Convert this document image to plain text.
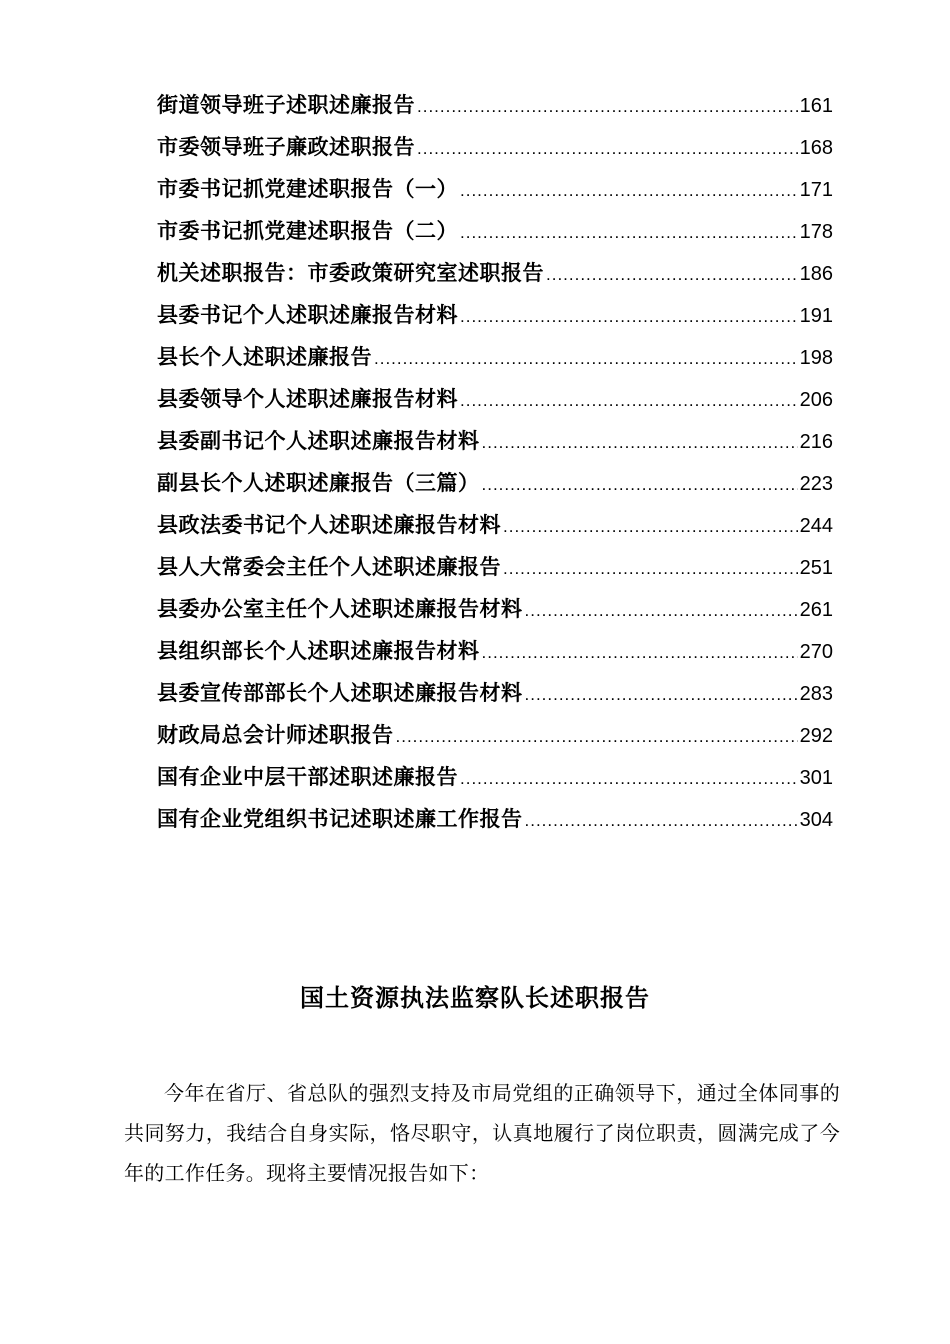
街道领导班子述职述廉报告 .....	161
市委领导班子廉政述职报告 .....	168
市委书记抓党建述职报告（一） .....	171
市委书记抓党建述职报告（二） .....	178
机关述职报告：市委政策研究室述职报告 .....	186
县委书记个人述职述廉报告材料 .....	191
县长个人述职述廉报告 .....	198
县委领导个人述职述廉报告材料 .....	206
县委副书记个人述职述廉报告材料 .....	216
副县长个人述职述廉报告（三篇） .....	223
县政法委书记个人述职述廉报告材料 .....	244
县人大常委会主任个人述职述廉报告 .....	251
县委办公室主任个人述职述廉报告材料 .....	261
县组织部长个人述职述廉报告材料 .....	270
县委宣传部部长个人述职述廉报告材料 .....	283
财政局总会计师述职报告 .....	292
国有企业中层干部述职述廉报告 .....	301
国有企业党组织书记述职述廉工作报告 .....	304
国土资源执法监察队长述职报告

今年在省厅、省总队的强烈支持及市局党组的正确领导下，通过全体同事的共同努力，我结合自身实际，恪尽职守，认真地履行了岗位职责，圆满完成了今年的工作任务。现将主要情况报告如下：
